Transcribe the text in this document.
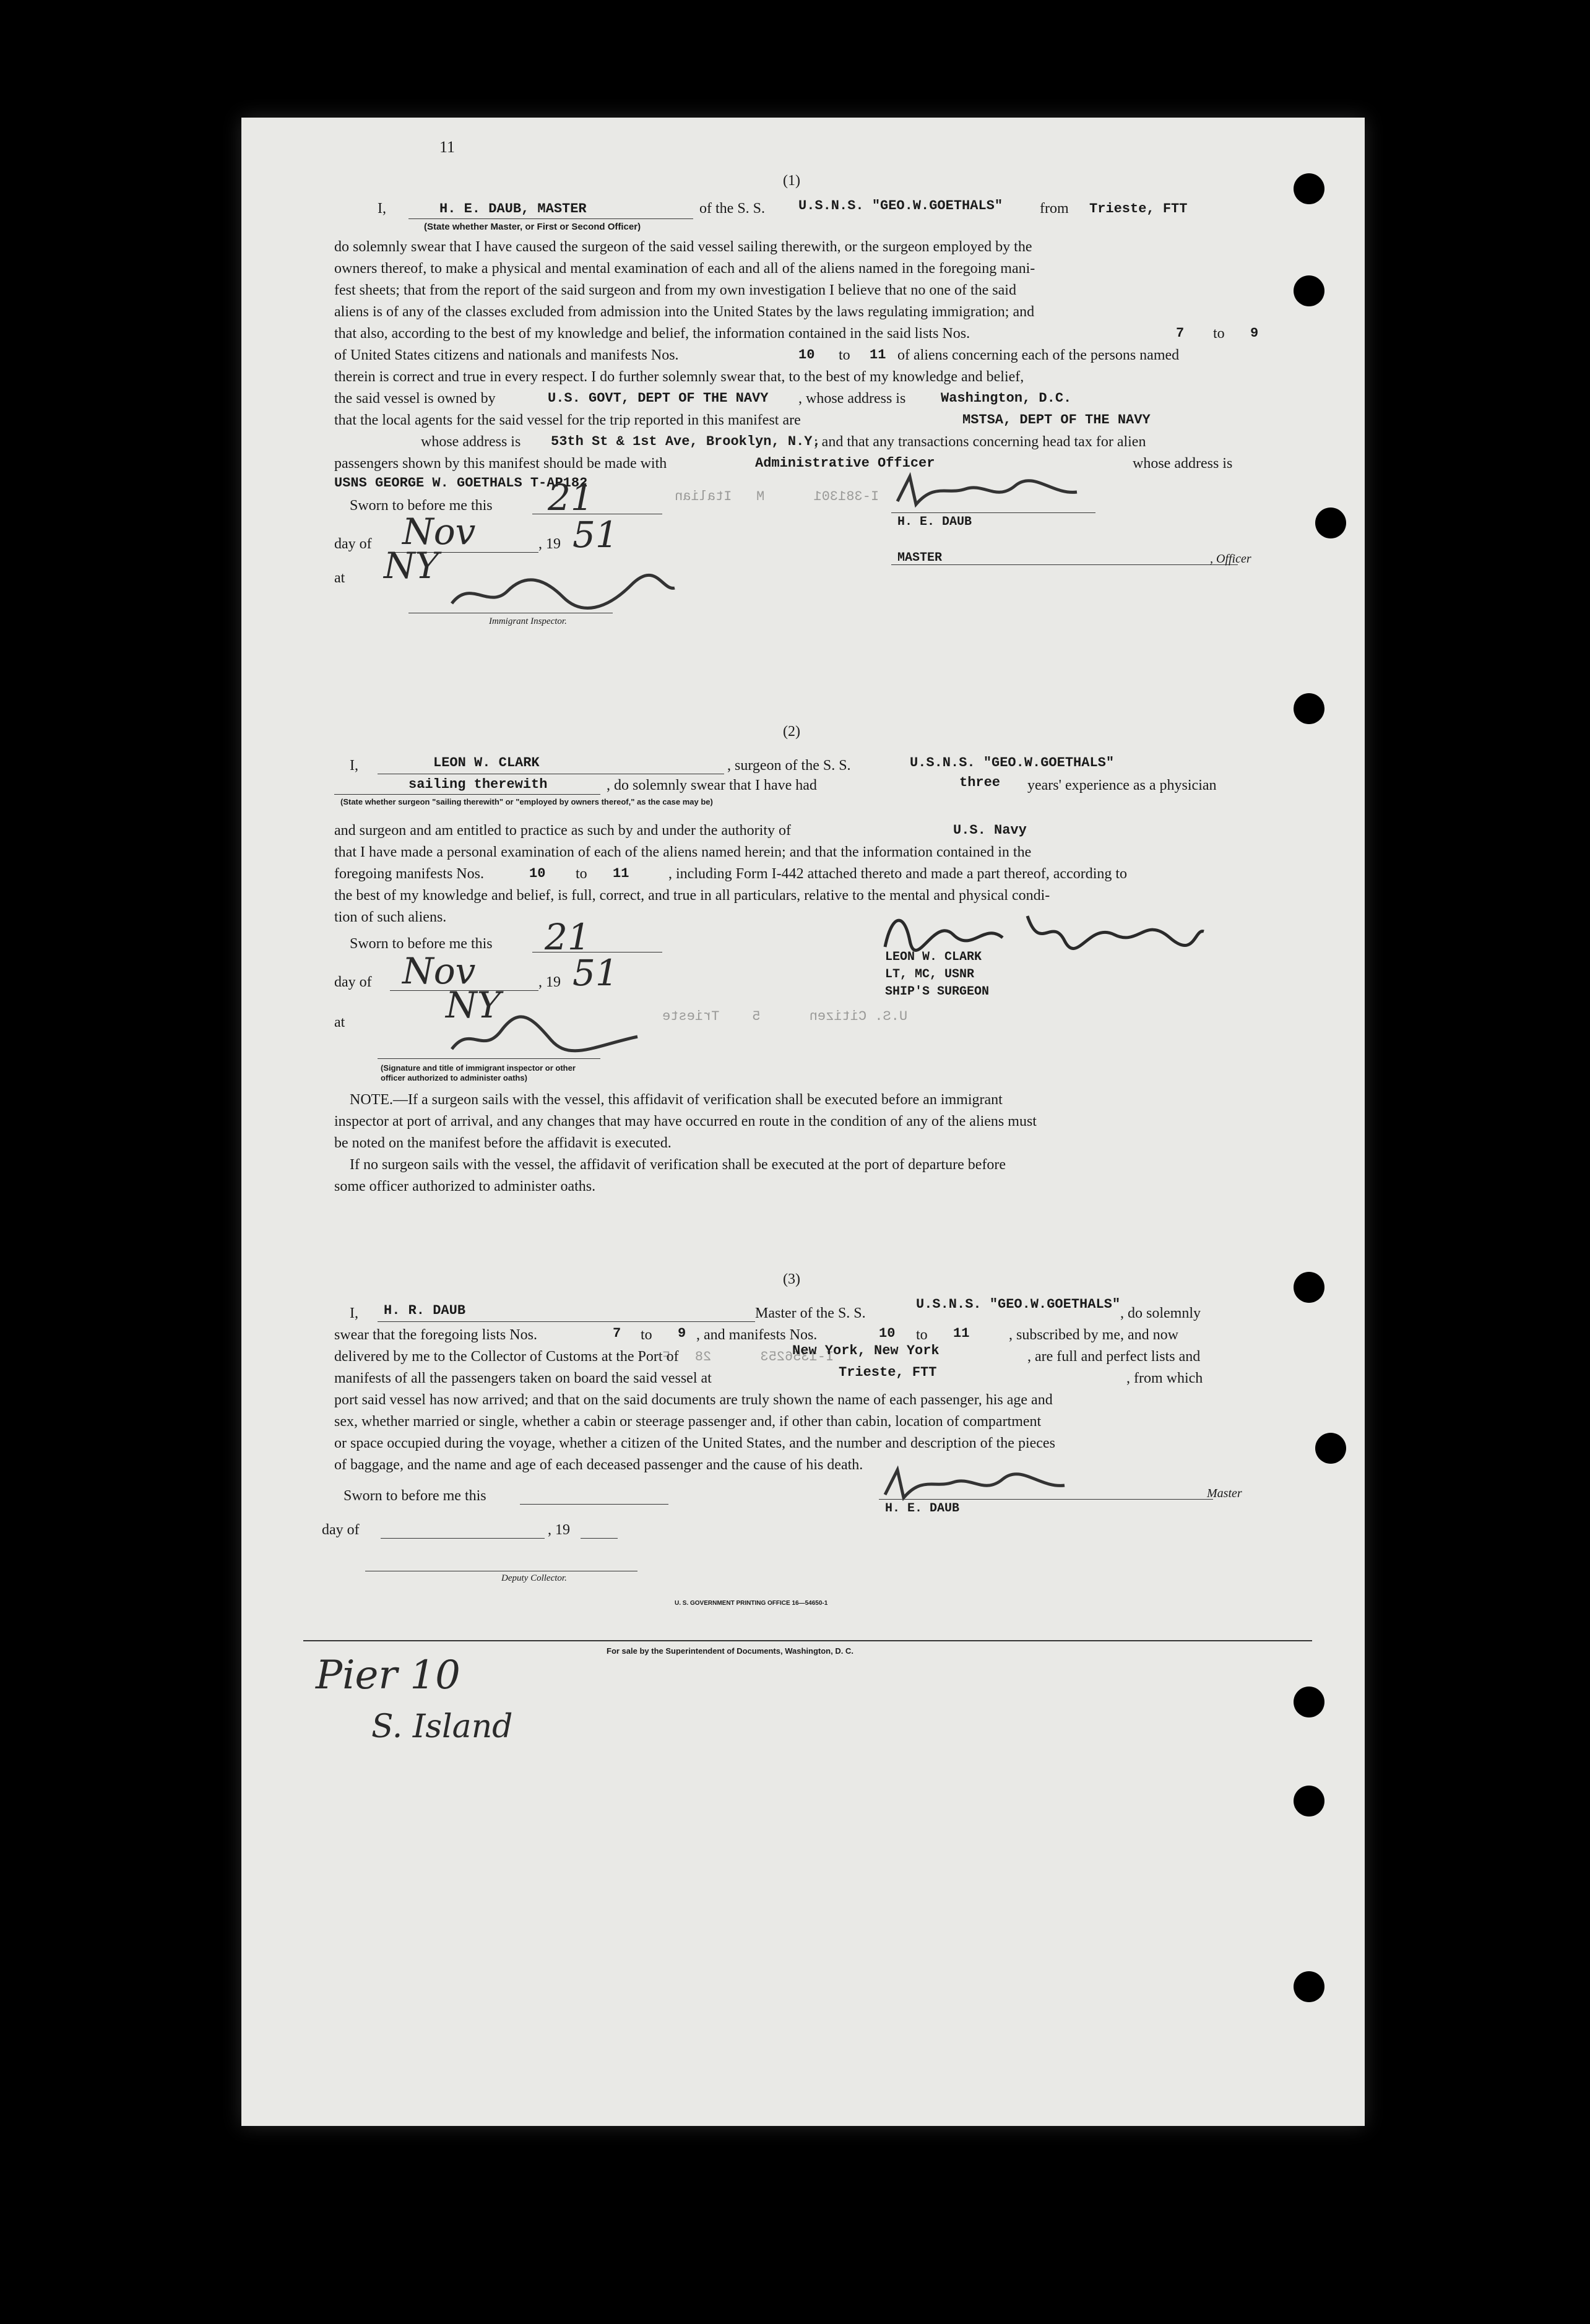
I-381301      M   Italian
U.S. Citizen      5    Trieste
I-1356253      28   F
11
(1)
I,	H. E. DAUB, MASTER	of the S. S. U.S.N.S. "GEO.W.GOETHALS" from Trieste, FTT
(State whether Master, or First or Second Officer)
do solemnly swear that I have caused the surgeon of the said vessel sailing therewith, or the surgeon employed by the
owners thereof, to make a physical and mental examination of each and all of the aliens named in the foregoing mani-
fest sheets; that from the report of the said surgeon and from my own investigation I believe that no one of the said
aliens is of any of the classes excluded from admission into the United States by the laws regulating immigration; and
that also, according to the best of my knowledge and belief, the information contained in the said lists Nos.	7 to 9
of United States citizens and nationals and manifests Nos.	10 to 11 of aliens concerning each of the persons named
therein is correct and true in every respect. I do further solemnly swear that, to the best of my knowledge and belief,
the said vessel is owned by	U.S. GOVT, DEPT OF THE NAVY , whose address is	Washington, D.C.
that the local agents for the said vessel for the trip reported in this manifest are	MSTSA, DEPT OF THE NAVY
whose address is 53th St & 1st Ave, Brooklyn, N.Y.
; and that any transactions concerning head tax for alien
passengers shown by this manifest should be made with	Administrative Officer	whose address is
USNS GEORGE W. GOETHALS T-AP182
Sworn to before me this 21
day of Nov	, 19 51
at NY
Immigrant Inspector.
H. E. DAUB
MASTER	, Officer
(2)
I,	LEON W. CLARK	, surgeon of the S. S.	U.S.N.S. "GEO.W.GOETHALS"
sailing therewith	, do solemnly swear that I have had	three years' experience as a physician
(State whether surgeon "sailing therewith" or "employed by owners thereof," as the case may be)
and surgeon and am entitled to practice as such by and under the authority of	U.S. Navy
that I have made a personal examination of each of the aliens named herein; and that the information contained in the
foregoing manifests Nos.	10 to 11	, including Form I-442 attached thereto and made a part thereof, according to
the best of my knowledge and belief, is full, correct, and true in all particulars, relative to the mental and physical condi-
tion of such aliens.
Sworn to before me this 21
day of Nov	, 19 51
at	NY
(Signature and title of immigrant inspector or other officer authorized to administer oaths)
LEON W. CLARK
LT, MC, USNR
SHIP'S SURGEON
NOTE.—If a surgeon sails with the vessel, this affidavit of verification shall be executed before an immigrant
inspector at port of arrival, and any changes that may have occurred en route in the condition of any of the aliens must
be noted on the manifest before the affidavit is executed.
If no surgeon sails with the vessel, the affidavit of verification shall be executed at the port of departure before
some officer authorized to administer oaths.
(3)
I, H. R. DAUB	Master of the S. S.
U.S.N.S. "GEO.W.GOETHALS"
, do solemnly
swear that the foregoing lists Nos.	7 to 9 , and manifests Nos.	10 to 11	, subscribed by me, and now
delivered by me to the Collector of Customs at the Port of	New York, New York	, are full and perfect lists and
manifests of all the passengers taken on board the said vessel at	Trieste, FTT	, from which
port said vessel has now arrived; and that on the said documents are truly shown the name of each passenger, his age and
sex, whether married or single, whether a cabin or steerage passenger and, if other than cabin, location of compartment
or space occupied during the voyage, whether a citizen of the United States, and the number and description of the pieces
of baggage, and the name and age of each deceased passenger and the cause of his death.
Sworn to before me this
day of	, 19
Deputy Collector.
H. E. DAUB
Master
U. S. GOVERNMENT PRINTING OFFICE 16—54650-1
For sale by the Superintendent of Documents, Washington, D. C.
Pier 10
S. Island
